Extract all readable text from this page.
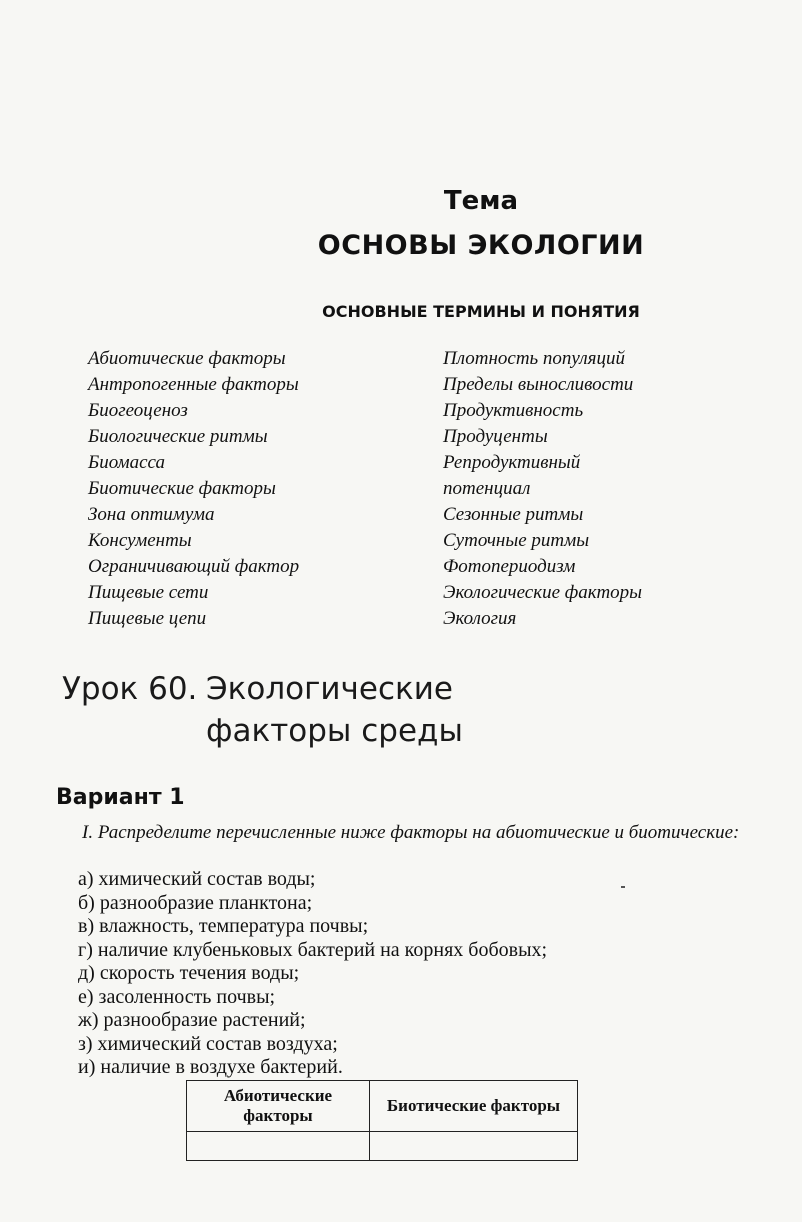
Тема
ОСНОВЫ ЭКОЛОГИИ
ОСНОВНЫЕ ТЕРМИНЫ И ПОНЯТИЯ
Абиотические факторы
Антропогенные факторы
Биогеоценоз
Биологические ритмы
Биомасса
Биотические факторы
Зона оптимума
Консументы
Ограничивающий фактор
Пищевые сети
Пищевые цепи
Плотность популяций
Пределы выносливости
Продуктивность
Продуценты
Репродуктивный
потенциал
Сезонные ритмы
Суточные ритмы
Фотопериодизм
Экологические факторы
Экология
Урок 60. Экологические
факторы среды
Вариант 1
I. Распределите перечисленные ниже факторы на абиотические и биотические:
а) химический состав воды;
б) разнообразие планктона;
в) влажность, температура почвы;
г) наличие клубеньковых бактерий на корнях бобовых;
д) скорость течения воды;
е) засоленность почвы;
ж) разнообразие растений;
з) химический состав воздуха;
и) наличие в воздухе бактерий.
Абиотические факторы	Биотические факторы
